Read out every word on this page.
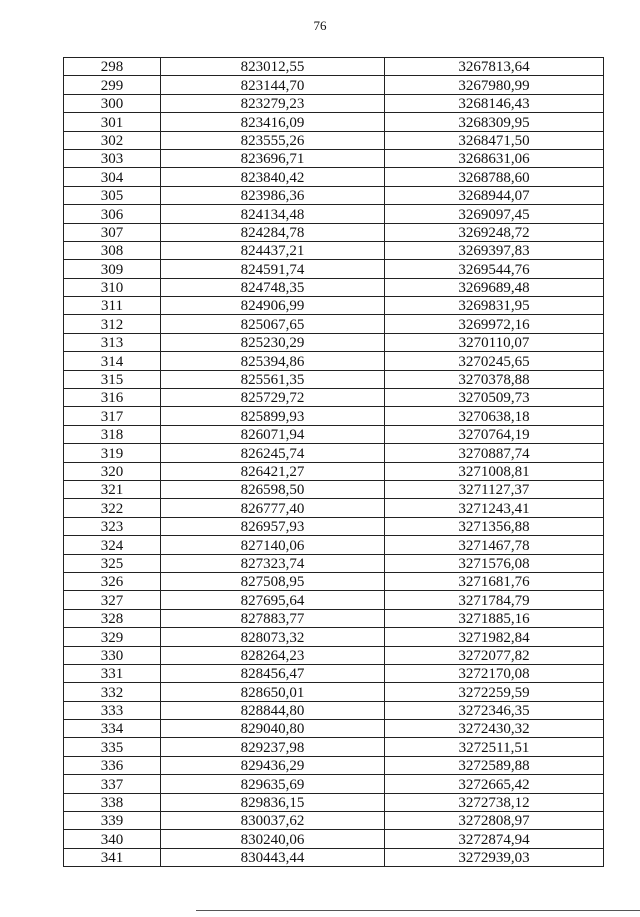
76
298	823012,55	3267813,64
299	823144,70	3267980,99
300	823279,23	3268146,43
301	823416,09	3268309,95
302	823555,26	3268471,50
303	823696,71	3268631,06
304	823840,42	3268788,60
305	823986,36	3268944,07
306	824134,48	3269097,45
307	824284,78	3269248,72
308	824437,21	3269397,83
309	824591,74	3269544,76
310	824748,35	3269689,48
311	824906,99	3269831,95
312	825067,65	3269972,16
313	825230,29	3270110,07
314	825394,86	3270245,65
315	825561,35	3270378,88
316	825729,72	3270509,73
317	825899,93	3270638,18
318	826071,94	3270764,19
319	826245,74	3270887,74
320	826421,27	3271008,81
321	826598,50	3271127,37
322	826777,40	3271243,41
323	826957,93	3271356,88
324	827140,06	3271467,78
325	827323,74	3271576,08
326	827508,95	3271681,76
327	827695,64	3271784,79
328	827883,77	3271885,16
329	828073,32	3271982,84
330	828264,23	3272077,82
331	828456,47	3272170,08
332	828650,01	3272259,59
333	828844,80	3272346,35
334	829040,80	3272430,32
335	829237,98	3272511,51
336	829436,29	3272589,88
337	829635,69	3272665,42
338	829836,15	3272738,12
339	830037,62	3272808,97
340	830240,06	3272874,94
341	830443,44	3272939,03
